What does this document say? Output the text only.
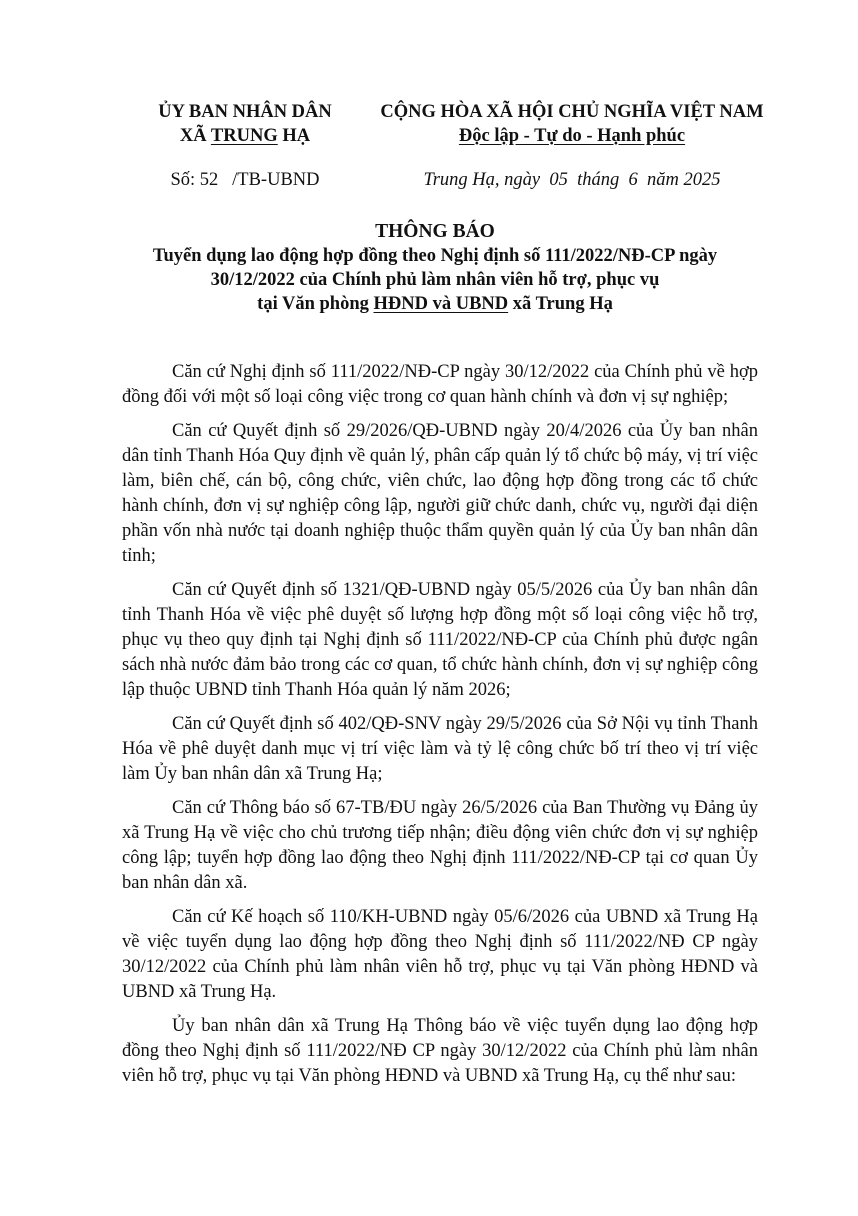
ỦY BAN NHÂN DÂN
XÃ TRUNG HẠ
CỘNG HÒA XÃ HỘI CHỦ NGHĨA VIỆT NAM
Độc lập - Tự do - Hạnh phúc
Số: 52   /TB-UBND	Trung Hạ, ngày  05  tháng  6  năm 2025
THÔNG BÁO
Tuyển dụng lao động hợp đồng theo Nghị định số 111/2022/NĐ-CP ngày
30/12/2022 của Chính phủ làm nhân viên hỗ trợ, phục vụ
tại Văn phòng HĐND và UBND xã Trung Hạ

Căn cứ Nghị định số 111/2022/NĐ-CP ngày 30/12/2022 của Chính phủ về hợp đồng đối với một số loại công việc trong cơ quan hành chính và đơn vị sự nghiệp;

Căn cứ Quyết định số 29/2026/QĐ-UBND ngày 20/4/2026 của Ủy ban nhân dân tỉnh Thanh Hóa Quy định về quản lý, phân cấp quản lý tổ chức bộ máy, vị trí việc làm, biên chế, cán bộ, công chức, viên chức, lao động hợp đồng trong các tổ chức hành chính, đơn vị sự nghiệp công lập, người giữ chức danh, chức vụ, người đại diện phần vốn nhà nước tại doanh nghiệp thuộc thẩm quyền quản lý của Ủy ban nhân dân tỉnh;

Căn cứ Quyết định số 1321/QĐ-UBND ngày 05/5/2026 của Ủy ban nhân dân tỉnh Thanh Hóa về việc phê duyệt số lượng hợp đồng một số loại công việc hỗ trợ, phục vụ theo quy định tại Nghị định số 111/2022/NĐ-CP của Chính phủ được ngân sách nhà nước đảm bảo trong các cơ quan, tổ chức hành chính, đơn vị sự nghiệp công lập thuộc UBND tỉnh Thanh Hóa quản lý năm 2026;

Căn cứ Quyết định số 402/QĐ-SNV ngày 29/5/2026 của Sở Nội vụ tỉnh Thanh Hóa về phê duyệt danh mục vị trí việc làm và tỷ lệ công chức bố trí theo vị trí việc làm Ủy ban nhân dân xã Trung Hạ;

Căn cứ Thông báo số 67-TB/ĐU ngày 26/5/2026 của Ban Thường vụ Đảng ủy xã Trung Hạ về việc cho chủ trương tiếp nhận; điều động viên chức đơn vị sự nghiệp công lập; tuyển hợp đồng lao động theo Nghị định 111/2022/NĐ-CP tại cơ quan Ủy ban nhân dân xã.

Căn cứ Kế hoạch số 110/KH-UBND ngày 05/6/2026 của UBND xã Trung Hạ về việc tuyển dụng lao động hợp đồng theo Nghị định số 111/2022/NĐ CP ngày 30/12/2022 của Chính phủ làm nhân viên hỗ trợ, phục vụ tại Văn phòng HĐND và UBND xã Trung Hạ.

Ủy ban nhân dân xã Trung Hạ Thông báo về việc tuyển dụng lao động hợp đồng theo Nghị định số 111/2022/NĐ CP ngày 30/12/2022 của Chính phủ làm nhân viên hỗ trợ, phục vụ tại Văn phòng HĐND và UBND xã Trung Hạ, cụ thể như sau:
